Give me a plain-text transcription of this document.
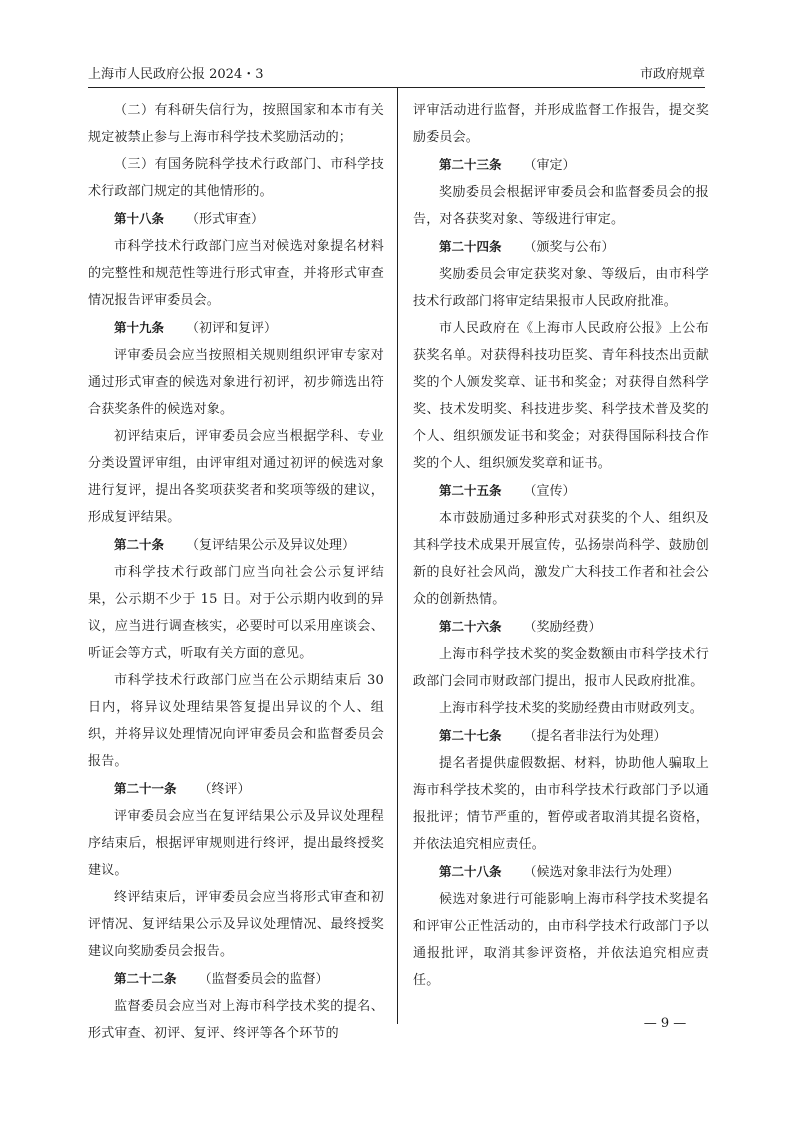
上海市人民政府公报 2024・3	市政府规章

（二）有科研失信行为，按照国家和本市有关规定被禁止参与上海市科学技术奖励活动的；

（三）有国务院科学技术行政部门、市科学技术行政部门规定的其他情形的。

第十八条 （形式审查）

市科学技术行政部门应当对候选对象提名材料的完整性和规范性等进行形式审查，并将形式审查情况报告评审委员会。

第十九条 （初评和复评）

评审委员会应当按照相关规则组织评审专家对通过形式审查的候选对象进行初评，初步筛选出符合获奖条件的候选对象。

初评结束后，评审委员会应当根据学科、专业分类设置评审组，由评审组对通过初评的候选对象进行复评，提出各奖项获奖者和奖项等级的建议，形成复评结果。

第二十条 （复评结果公示及异议处理）

市科学技术行政部门应当向社会公示复评结果，公示期不少于 15 日。对于公示期内收到的异议，应当进行调查核实，必要时可以采用座谈会、听证会等方式，听取有关方面的意见。

市科学技术行政部门应当在公示期结束后 30 日内，将异议处理结果答复提出异议的个人、组织，并将异议处理情况向评审委员会和监督委员会报告。

第二十一条 （终评）

评审委员会应当在复评结果公示及异议处理程序结束后，根据评审规则进行终评，提出最终授奖建议。

终评结束后，评审委员会应当将形式审查和初评情况、复评结果公示及异议处理情况、最终授奖建议向奖励委员会报告。

第二十二条 （监督委员会的监督）

监督委员会应当对上海市科学技术奖的提名、形式审查、初评、复评、终评等各个环节的

评审活动进行监督，并形成监督工作报告，提交奖励委员会。

第二十三条 （审定）

奖励委员会根据评审委员会和监督委员会的报告，对各获奖对象、等级进行审定。

第二十四条 （颁奖与公布）

奖励委员会审定获奖对象、等级后，由市科学技术行政部门将审定结果报市人民政府批准。

市人民政府在《上海市人民政府公报》上公布获奖名单。对获得科技功臣奖、青年科技杰出贡献奖的个人颁发奖章、证书和奖金；对获得自然科学奖、技术发明奖、科技进步奖、科学技术普及奖的个人、组织颁发证书和奖金；对获得国际科技合作奖的个人、组织颁发奖章和证书。

第二十五条 （宣传）

本市鼓励通过多种形式对获奖的个人、组织及其科学技术成果开展宣传，弘扬崇尚科学、鼓励创新的良好社会风尚，激发广大科技工作者和社会公众的创新热情。

第二十六条 （奖励经费）

上海市科学技术奖的奖金数额由市科学技术行政部门会同市财政部门提出，报市人民政府批准。

上海市科学技术奖的奖励经费由市财政列支。

第二十七条 （提名者非法行为处理）

提名者提供虚假数据、材料，协助他人骗取上海市科学技术奖的，由市科学技术行政部门予以通报批评；情节严重的，暂停或者取消其提名资格，并依法追究相应责任。

第二十八条 （候选对象非法行为处理）

候选对象进行可能影响上海市科学技术奖提名和评审公正性活动的，由市科学技术行政部门予以通报批评，取消其参评资格，并依法追究相应责任。

— 9 —
